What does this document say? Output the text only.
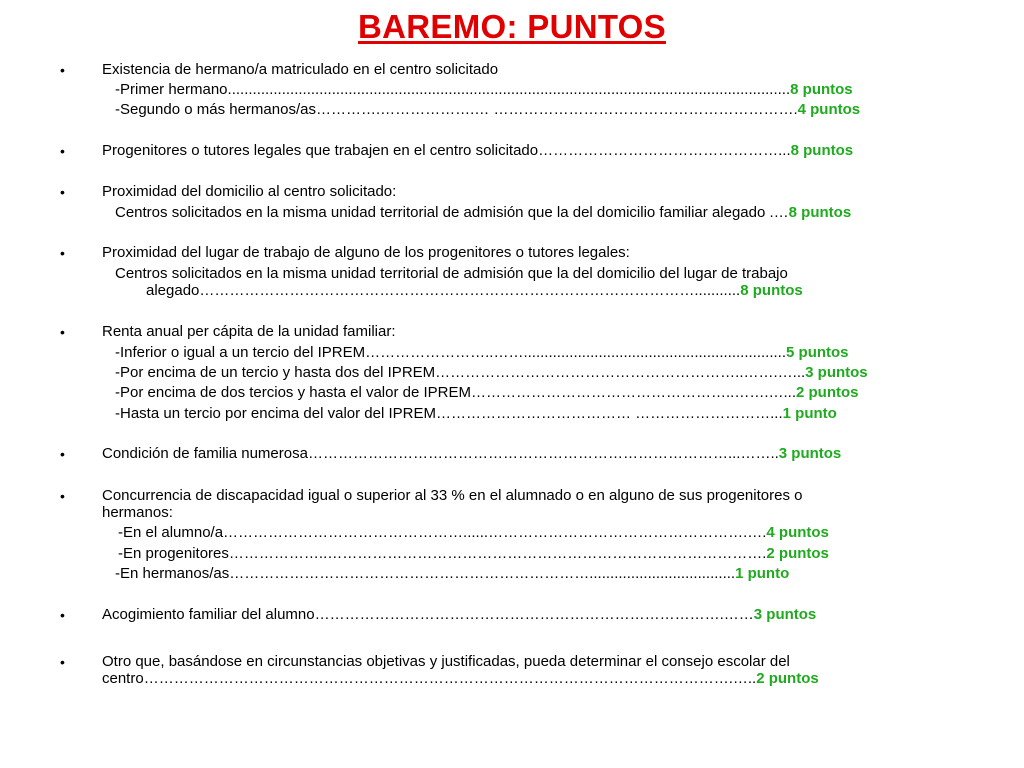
BAREMO: PUNTOS
• Existencia de hermano/a matriculado en el centro solicitado
-Primer hermano.......................................................................................................................................8 puntos
-Segundo o más hermanos/as………….……………….… …………………………………………………….4 puntos
• Progenitores o tutores legales que trabajen en el centro solicitado…………………………………………...8 puntos
• Proximidad del domicilio al centro solicitado:
Centros solicitados en la misma unidad territorial de admisión que la del domicilio familiar alegado .…8 puntos
• Proximidad del lugar de trabajo de alguno de los progenitores o tutores legales:
Centros solicitados en la misma unidad territorial de admisión que la del domicilio del lugar de trabajo
alegado………………………………………………………………………………………...........8 puntos
• Renta anual per cápita de la unidad familiar:
-Inferior o igual a un tercio del IPREM……………………..……...............................................................5 puntos
-Por encima de un tercio y hasta dos del IPREM……………………………………………………..…….…...3 puntos
-Por encima de dos tercios y hasta el valor de IPREM……………………………………………..…….…...2 puntos
-Hasta un tercio por encima del valor del IPREM………………………………… ………………………...1 punto
• Condición de familia numerosa…………………………………………………………………………...……..3 puntos
• Concurrencia de discapacidad igual o superior al 33 % en el alumnado o en alguno de sus progenitores o
hermanos:
-En el alumno/a…………………………………………......…………………………………………….….4 puntos
-En progenitores………………..…………………………………………………………………………….2 puntos
-En hermanos/as………………………………………………………………...................................1 punto
• Acogimiento familiar del alumno……………………………………………………………………….……3 puntos
• Otro que, basándose en circunstancias objetivas y justificadas, pueda determinar el consejo escolar del
centro……………………………………………………………………………………………………….…..2 puntos
